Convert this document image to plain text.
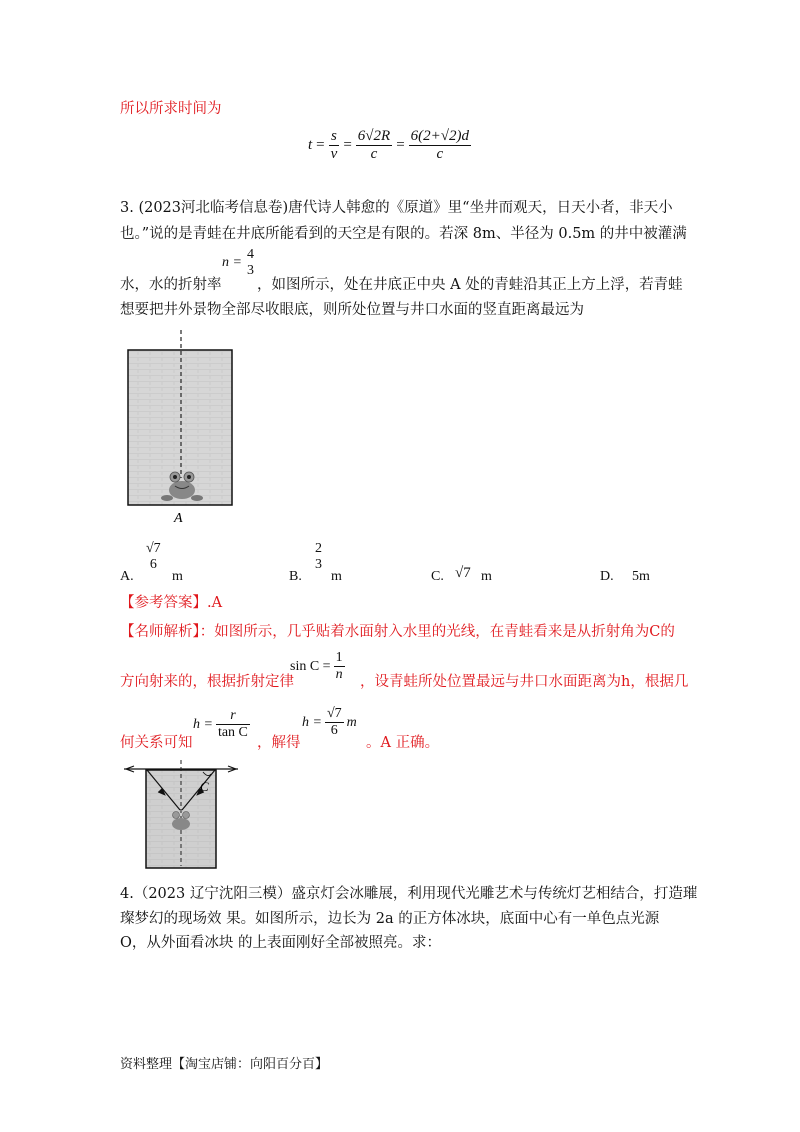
所以所求时间为
$t = \frac{s}{v} = \frac{6√2R}{c} = \frac{6(2+√2)d}{c}$
3. (2023河北临考信息卷)唐代诗人韩愈的《原道》里“坐井而观天，日天小者，非天小
也。”说的是青蛙在井底所能看到的天空是有限的。若深 8m、半径为 0.5m 的井中被灌满
水，水的折射率
n =
4
3
，如图所示，处在井底正中央 A 处的青蛙沿其正上方上浮，若青蛙
想要把井外景物全部尽收眼底，则所处位置与井口水面的竖直距离最远为
A
A.
√7
6
m	B.
2
3
m	C. √7 m	D. 5m
【参考答案】.A
【名师解析】：如图所示，几乎贴着水面射入水里的光线，在青蛙看来是从折射角为C的
方向射来的，根据折射定律
$\sin C = \frac{1}{n}$ ，设青蛙所处位置最远与井口水面距离为h，根据几
何关系可知
$h = \frac{r}{\text{tan C}}$
，解得
$h = \frac{√7}{6}$ m
。A 正确。
C
4.（2023 辽宁沈阳三模）盛京灯会冰雕展，利用现代光雕艺术与传统灯艺相结合，打造璀
璨梦幻的现场效 果。如图所示，边长为 2a 的正方体冰块，底面中心有一单色点光源
O，从外面看冰块 的上表面刚好全部被照亮。求：
资料整理【淘宝店铺：向阳百分百】
